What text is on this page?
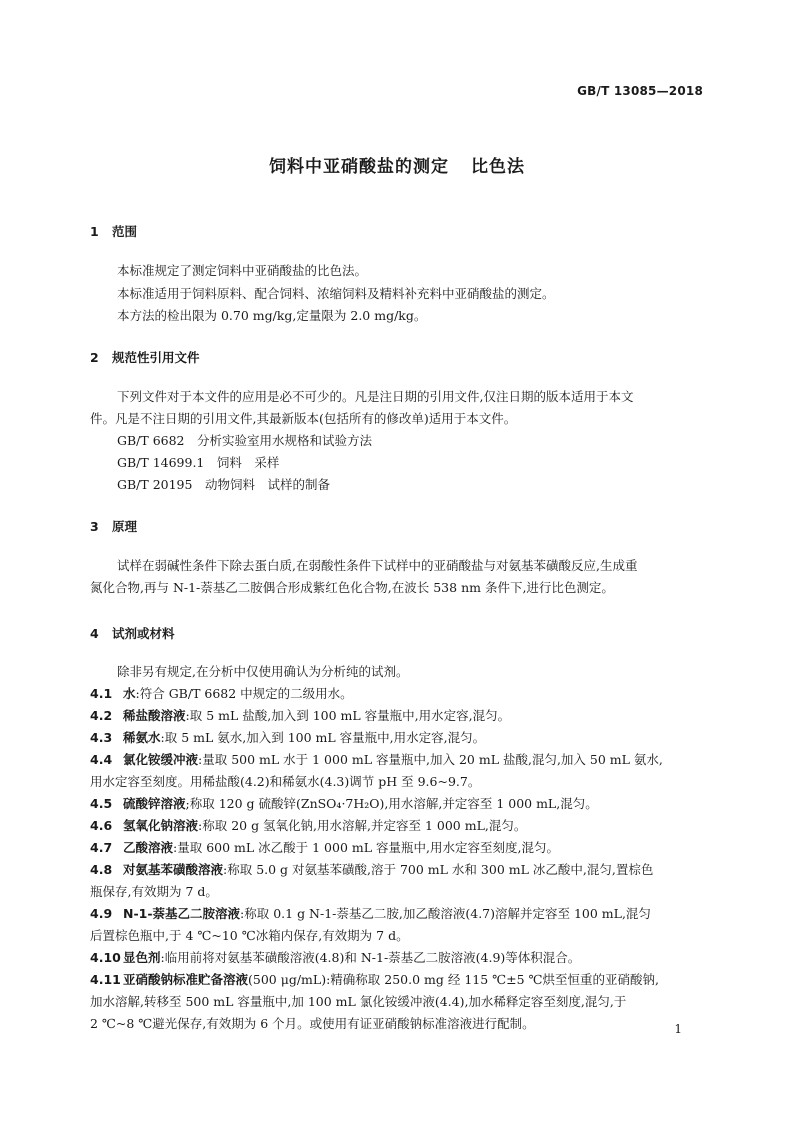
GB/T 13085—2018
饲料中亚硝酸盐的测定 比色法
1 范围
本标准规定了测定饲料中亚硝酸盐的比色法。
本标准适用于饲料原料、配合饲料、浓缩饲料及精料补充料中亚硝酸盐的测定。
本方法的检出限为 0.70 mg/kg,定量限为 2.0 mg/kg。
2 规范性引用文件
下列文件对于本文件的应用是必不可少的。凡是注日期的引用文件,仅注日期的版本适用于本文
件。凡是不注日期的引用文件,其最新版本(包括所有的修改单)适用于本文件。
GB/T 6682　分析实验室用水规格和试验方法
GB/T 14699.1　饲料　采样
GB/T 20195　动物饲料　试样的制备
3 原理
试样在弱碱性条件下除去蛋白质,在弱酸性条件下试样中的亚硝酸盐与对氨基苯磺酸反应,生成重
氮化合物,再与 N-1-萘基乙二胺偶合形成紫红色化合物,在波长 538 nm 条件下,进行比色测定。
4 试剂或材料
除非另有规定,在分析中仅使用确认为分析纯的试剂。
4.1 水:符合 GB/T 6682 中规定的二级用水。
4.2 稀盐酸溶液:取 5 mL 盐酸,加入到 100 mL 容量瓶中,用水定容,混匀。
4.3 稀氨水:取 5 mL 氨水,加入到 100 mL 容量瓶中,用水定容,混匀。
4.4 氯化铵缓冲液:量取 500 mL 水于 1 000 mL 容量瓶中,加入 20 mL 盐酸,混匀,加入 50 mL 氨水,
用水定容至刻度。用稀盐酸(4.2)和稀氨水(4.3)调节 pH 至 9.6~9.7。
4.5 硫酸锌溶液;称取 120 g 硫酸锌(ZnSO₄·7H₂O),用水溶解,并定容至 1 000 mL,混匀。
4.6 氢氧化钠溶液:称取 20 g 氢氧化钠,用水溶解,并定容至 1 000 mL,混匀。
4.7 乙酸溶液:量取 600 mL 冰乙酸于 1 000 mL 容量瓶中,用水定容至刻度,混匀。
4.8 对氨基苯磺酸溶液:称取 5.0 g 对氨基苯磺酸,溶于 700 mL 水和 300 mL 冰乙酸中,混匀,置棕色
瓶保存,有效期为 7 d。
4.9 N-1-萘基乙二胺溶液:称取 0.1 g N-1-萘基乙二胺,加乙酸溶液(4.7)溶解并定容至 100 mL,混匀
后置棕色瓶中,于 4 ℃~10 ℃冰箱内保存,有效期为 7 d。
4.10 显色剂:临用前将对氨基苯磺酸溶液(4.8)和 N-1-萘基乙二胺溶液(4.9)等体积混合。
4.11 亚硝酸钠标准贮备溶液(500 μg/mL):精确称取 250.0 mg 经 115 ℃±5 ℃烘至恒重的亚硝酸钠,
加水溶解,转移至 500 mL 容量瓶中,加 100 mL 氯化铵缓冲液(4.4),加水稀释定容至刻度,混匀,于
2 ℃~8 ℃避光保存,有效期为 6 个月。或使用有证亚硝酸钠标准溶液进行配制。	1
